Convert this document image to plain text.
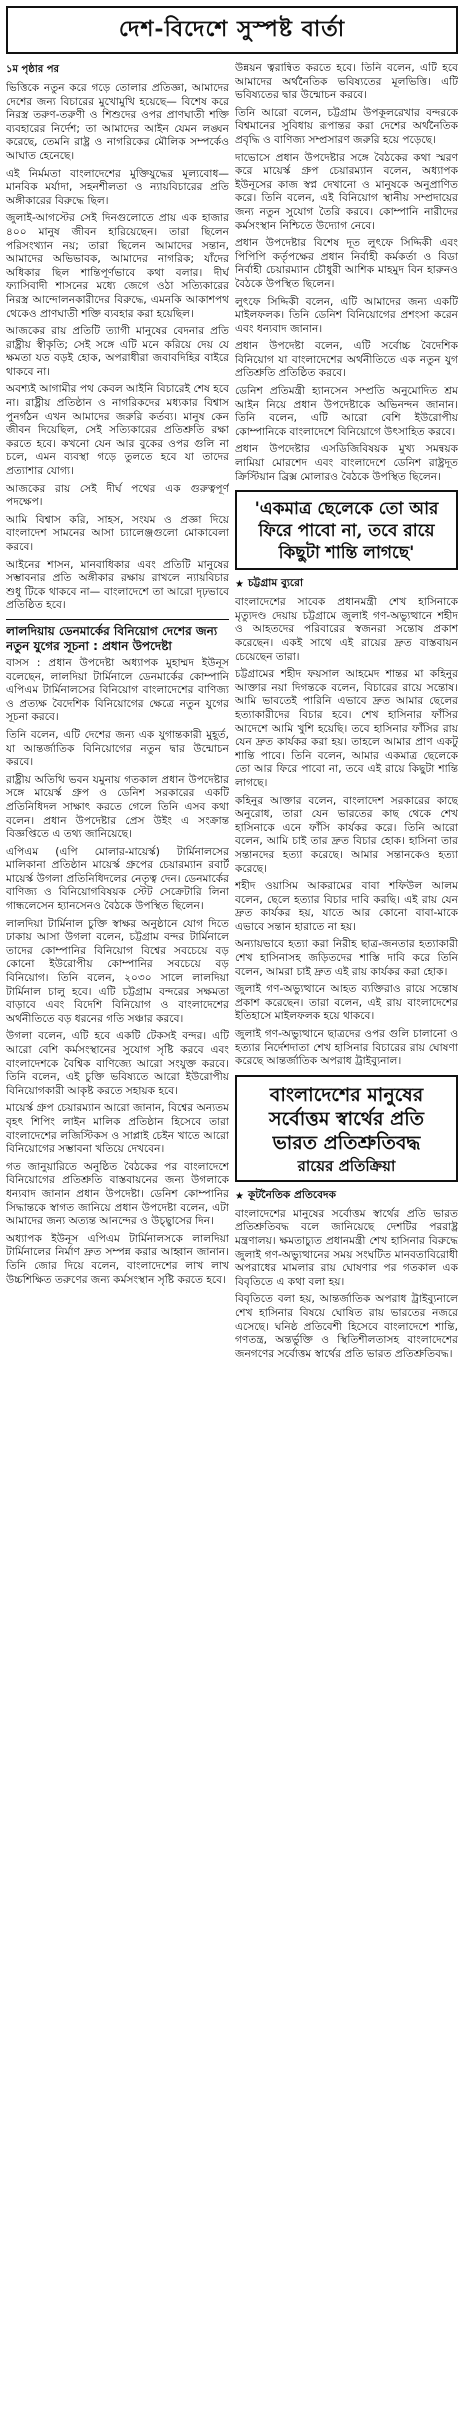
দেশ-বিদেশে সুস্পষ্ট বার্তা
১ম পৃষ্ঠার পর

ভিত্তিকে নতুন করে গড়ে তোলার প্রতিজ্ঞা, আমাদের দেশের জন্য বিচারের মুখোমুখি হয়েছে— বিশেষ করে নিরস্ত্র তরুণ-তরুণী ও শিশুদের ওপর প্রাণঘাতী শক্তি ব্যবহারের নির্দেশ; তা আমাদের আইন যেমন লঙ্ঘন করেছে, তেমনি রাষ্ট্র ও নাগরিকের মৌলিক সম্পর্কেও আঘাত হেনেছে।

এই নির্মমতা বাংলাদেশের মুক্তিযুদ্ধের মূল্যবোধ— মানবিক মর্যাদা, সহনশীলতা ও ন্যায়বিচারের প্রতি অঙ্গীকারের বিরুদ্ধে ছিল।

জুলাই-আগস্টের সেই দিনগুলোতে প্রায় এক হাজার ৪০০ মানুষ জীবন হারিয়েছেন। তারা ছিলেন পরিসংখ্যান নয়; তারা ছিলেন আমাদের সন্তান, আমাদের অভিভাবক, আমাদের নাগরিক; যাঁদের অধিকার ছিল শান্তিপূর্ণভাবে কথা বলার। দীর্ঘ ফ্যাসিবাদী শাসনের মধ্যে জেগে ওঠা সত্যিকারের নিরস্ত্র আন্দোলনকারীদের বিরুদ্ধে, এমনকি আকাশপথ থেকেও প্রাণঘাতী শক্তি ব্যবহার করা হয়েছিল।

আজকের রায় প্রতিটি ত্যাগী মানুষের বেদনার প্রতি রাষ্ট্রীয় স্বীকৃতি; সেই সঙ্গে এটি মনে করিয়ে দেয় যে ক্ষমতা যত বড়ই হোক, অপরাধীরা জবাবদিহির বাইরে থাকবে না।

অবশ্যই আগামীর পথ কেবল আইনি বিচারেই শেষ হবে না। রাষ্ট্রীয় প্রতিষ্ঠান ও নাগরিকদের মধ্যকার বিশ্বাস পুনর্গঠন এখন আমাদের জরুরি কর্তব্য। মানুষ কেন জীবন দিয়েছিল, সেই সত্যিকারের প্রতিশ্রুতি রক্ষা করতে হবে। কখনো যেন আর বুকের ওপর গুলি না চলে, এমন ব্যবস্থা গড়ে তুলতে হবে যা তাদের প্রত্যাশার যোগ্য।

আজকের রায় সেই দীর্ঘ পথের এক গুরুত্বপূর্ণ পদক্ষেপ।

আমি বিশ্বাস করি, সাহস, সংযম ও প্রজ্ঞা দিয়ে বাংলাদেশ সামনের আসা চ্যালেঞ্জগুলো মোকাবেলা করবে।

আইনের শাসন, মানবাধিকার এবং প্রতিটি মানুষের সম্ভাবনার প্রতি অঙ্গীকার রক্ষায় রাখলে ন্যায়বিচার শুধু টিকে থাকবে না— বাংলাদেশে তা আরো দৃঢ়ভাবে প্রতিষ্ঠিত হবে।

লালদিয়ায় ডেনমার্কের বিনিয়োগ দেশের জন্য নতুন যুগের সূচনা : প্রধান উপদেষ্টা

বাসস : প্রধান উপদেষ্টা অধ্যাপক মুহাম্মদ ইউনূস বলেছেন, লালদিয়া টার্মিনালে ডেনমার্কের কোম্পানি এপিএম টার্মিনালসের বিনিয়োগ বাংলাদেশের বাণিজ্য ও প্রত্যক্ষ বৈদেশিক বিনিয়োগের ক্ষেত্রে নতুন যুগের সূচনা করবে।

তিনি বলেন, এটি দেশের জন্য এক যুগান্তকারী মুহূর্ত, যা আন্তর্জাতিক বিনিয়োগের নতুন দ্বার উন্মোচন করবে।

রাষ্ট্রীয় অতিথি ভবন যমুনায় গতকাল প্রধান উপদেষ্টার সঙ্গে মায়ের্স্ক গ্রুপ ও ডেনিশ সরকারের একটি প্রতিনিধিদল সাক্ষাৎ করতে গেলে তিনি এসব কথা বলেন। প্রধান উপদেষ্টার প্রেস উইং এ সংক্রান্ত বিজ্ঞপ্তিতে এ তথ্য জানিয়েছে।

এপিএম (এপি মোলার-মায়ের্স্ক) টার্মিনালসের মালিকানা প্রতিষ্ঠান মায়ের্স্ক গ্রুপের চেয়ারম্যান রবার্ট মায়ের্স্ক উগলা প্রতিনিধিদলের নেতৃত্ব দেন। ডেনমার্কের বাণিজ্য ও বিনিয়োগবিষয়ক স্টেট সেক্রেটারি লিনা গান্ধলেসেন হ্যানসেনও বৈঠকে উপস্থিত ছিলেন।

লালদিয়া টার্মিনাল চুক্তি স্বাক্ষর অনুষ্ঠানে যোগ দিতে ঢাকায় আসা উগলা বলেন, চট্টগ্রাম বন্দর টার্মিনালে তাদের কোম্পানির বিনিয়োগ বিশ্বের সবচেয়ে বড় কোনো ইউরোপীয় কোম্পানির সবচেয়ে বড় বিনিয়োগ। তিনি বলেন, ২০৩০ সালে লালদিয়া টার্মিনাল চালু হবে। এটি চট্টগ্রাম বন্দরের সক্ষমতা বাড়াবে এবং বিদেশি বিনিয়োগ ও বাংলাদেশের অর্থনীতিতে বড় ধরনের গতি সঞ্চার করবে।

উগলা বলেন, এটি হবে একটি টেকসই বন্দর। এটি আরো বেশি কর্মসংস্থানের সুযোগ সৃষ্টি করবে এবং বাংলাদেশকে বৈশ্বিক বাণিজ্যে আরো সংযুক্ত করবে। তিনি বলেন, এই চুক্তি ভবিষ্যতে আরো ইউরোপীয় বিনিয়োগকারী আকৃষ্ট করতে সহায়ক হবে।

মায়ের্স্ক গ্রুপ চেয়ারম্যান আরো জানান, বিশ্বের অন্যতম বৃহৎ শিপিং লাইন মালিক প্রতিষ্ঠান হিসেবে তারা বাংলাদেশের লজিস্টিকস ও সাপ্লাই চেইন খাতে আরো বিনিয়োগের সম্ভাবনা খতিয়ে দেখবেন।

গত জানুয়ারিতে অনুষ্ঠিত বৈঠকের পর বাংলাদেশে বিনিয়োগের প্রতিশ্রুতি বাস্তবায়নের জন্য উগলাকে ধন্যবাদ জানান প্রধান উপদেষ্টা। ডেনিশ কোম্পানির সিদ্ধান্তকে স্বাগত জানিয়ে প্রধান উপদেষ্টা বলেন, এটা আমাদের জন্য অত্যন্ত আনন্দের ও উচ্ছ্বাসের দিন।

অধ্যাপক ইউনূস এপিএম টার্মিনালসকে লালদিয়া টার্মিনালের নির্মাণ দ্রুত সম্পন্ন করার আহ্বান জানান। তিনি জোর দিয়ে বলেন, বাংলাদেশের লাখ লাখ উচ্চশিক্ষিত তরুণের জন্য কর্মসংস্থান সৃষ্টি করতে হবে।

উন্নয়ন ত্বরান্বিত করতে হবে। তিনি বলেন, এটি হবে আমাদের অর্থনৈতিক ভবিষ্যতের মূলভিত্তি। এটি ভবিষ্যতের দ্বার উন্মোচন করবে।

তিনি আরো বলেন, চট্টগ্রাম উপকূলরেখার বন্দরকে বিশ্বমানের সুবিধায় রূপান্তর করা দেশের অর্থনৈতিক প্রবৃদ্ধি ও বাণিজ্য সম্প্রসারণ জরুরি হয়ে পড়েছে।

দাভোসে প্রধান উপদেষ্টার সঙ্গে বৈঠকের কথা স্মরণ করে মায়ের্স্ক গ্রুপ চেয়ারম্যান বলেন, অধ্যাপক ইউনূসের কাজ স্বপ্ন দেখানো ও মানুষকে অনুপ্রাণিত করে। তিনি বলেন, এই বিনিয়োগ স্থানীয় সম্প্রদায়ের জন্য নতুন সুযোগ তৈরি করবে। কোম্পানি নারীদের কর্মসংস্থান নিশ্চিতে উদ্যোগ নেবে।

প্রধান উপদেষ্টার বিশেষ দূত লুৎফে সিদ্দিকী এবং পিপিপি কর্তৃপক্ষের প্রধান নির্বাহী কর্মকর্তা ও বিডা নির্বাহী চেয়ারম্যান চৌধুরী আশিক মাহমুদ বিন হারুনও বৈঠকে উপস্থিত ছিলেন।

লুৎফে সিদ্দিকী বলেন, এটি আমাদের জন্য একটি মাইলফলক। তিনি ডেনিশ বিনিয়োগের প্রশংসা করেন এবং ধন্যবাদ জানান।

প্রধান উপদেষ্টা বলেন, এটি সর্বোচ্চ বৈদেশিক বিনিয়োগ যা বাংলাদেশের অর্থনীতিতে এক নতুন যুগ প্রতিশ্রুতি প্রতিষ্ঠিত করবে।

ডেনিশ প্রতিমন্ত্রী হ্যানসেন সম্প্রতি অনুমোদিত শ্রম আইন নিয়ে প্রধান উপদেষ্টাকে অভিনন্দন জানান। তিনি বলেন, এটি আরো বেশি ইউরোপীয় কোম্পানিকে বাংলাদেশে বিনিয়োগে উৎসাহিত করবে।

প্রধান উপদেষ্টার এসডিজিবিষয়ক মুখ্য সমন্বয়ক লামিয়া মোরশেদ এবং বাংলাদেশে ডেনিশ রাষ্ট্রদূত ক্রিস্টিয়ান ব্রিক্স মোলারও বৈঠকে উপস্থিত ছিলেন।

'একমাত্র ছেলেকে তো আর

ফিরে পাবো না, তবে রায়ে

কিছুটা শান্তি লাগছে'

★ চট্টগ্রাম ব্যুরো

বাংলাদেশের সাবেক প্রধানমন্ত্রী শেখ হাসিনাকে মৃত্যুদণ্ড দেয়ায় চট্টগ্রামে জুলাই গণ-অভ্যুত্থানে শহীদ ও আহতদের পরিবারের স্বজনরা সন্তোষ প্রকাশ করেছেন। একই সাথে এই রায়ের দ্রুত বাস্তবায়ন চেয়েছেন তারা।

চট্টগ্রামের শহীদ ফয়সাল আহমেদ শান্তর মা কহিনুর আক্তার নয়া দিগন্তকে বলেন, বিচারের রায়ে সন্তোষ। আমি ভাবতেই পারিনি এভাবে দ্রুত আমার ছেলের হত্যাকারীদের বিচার হবে। শেখ হাসিনার ফাঁসির আদেশে আমি খুশি হয়েছি। তবে হাসিনার ফাঁসির রায় যেন দ্রুত কার্যকর করা হয়। তাহলে আমার প্রাণ একটু শান্তি পাবে। তিনি বলেন, আমার একমাত্র ছেলেকে তো আর ফিরে পাবো না, তবে এই রায়ে কিছুটা শান্তি লাগছে।

কহিনুর আক্তার বলেন, বাংলাদেশ সরকারের কাছে অনুরোধ, তারা যেন ভারতের কাছ থেকে শেখ হাসিনাকে এনে ফাঁসি কার্যকর করে। তিনি আরো বলেন, আমি চাই তার দ্রুত বিচার হোক। হাসিনা তার সন্তানদের হত্যা করেছে। আমার সন্তানকেও হত্যা করেছে।

শহীদ ওয়াসিম আকরামের বাবা শফিউল আলম বলেন, ছেলে হত্যার বিচার দাবি করছি। এই রায় যেন দ্রুত কার্যকর হয়, যাতে আর কোনো বাবা-মাকে এভাবে সন্তান হারাতে না হয়।

অন্যায়ভাবে হত্যা করা নিরীহ ছাত্র-জনতার হত্যাকারী শেখ হাসিনাসহ জড়িতদের শাস্তি দাবি করে তিনি বলেন, আমরা চাই দ্রুত এই রায় কার্যকর করা হোক।

জুলাই গণ-অভ্যুত্থানে আহত ব্যক্তিরাও রায়ে সন্তোষ প্রকাশ করেছেন। তারা বলেন, এই রায় বাংলাদেশের ইতিহাসে মাইলফলক হয়ে থাকবে।

জুলাই গণ-অভ্যুত্থানে ছাত্রদের ওপর গুলি চালানো ও হত্যার নির্দেশদাতা শেখ হাসিনার বিচারের রায় ঘোষণা করেছে আন্তর্জাতিক অপরাধ ট্রাইব্যুনাল।

বাংলাদেশের মানুষের

সর্বোত্তম স্বার্থের প্রতি

ভারত প্রতিশ্রুতিবদ্ধ

রায়ের প্রতিক্রিয়া

★ কূটনৈতিক প্রতিবেদক

বাংলাদেশের মানুষের সর্বোত্তম স্বার্থের প্রতি ভারত প্রতিশ্রুতিবদ্ধ বলে জানিয়েছে দেশটির পররাষ্ট্র মন্ত্রণালয়। ক্ষমতাচ্যুত প্রধানমন্ত্রী শেখ হাসিনার বিরুদ্ধে জুলাই গণ-অভ্যুত্থানের সময় সংঘটিত মানবতাবিরোধী অপরাধের মামলার রায় ঘোষণার পর গতকাল এক বিবৃতিতে এ কথা বলা হয়।

বিবৃতিতে বলা হয়, আন্তর্জাতিক অপরাধ ট্রাইব্যুনালে শেখ হাসিনার বিষয়ে ঘোষিত রায় ভারতের নজরে এসেছে। ঘনিষ্ঠ প্রতিবেশী হিসেবে বাংলাদেশে শান্তি, গণতন্ত্র, অন্তর্ভুক্তি ও স্থিতিশীলতাসহ বাংলাদেশের জনগণের সর্বোত্তম স্বার্থের প্রতি ভারত প্রতিশ্রুতিবদ্ধ।
